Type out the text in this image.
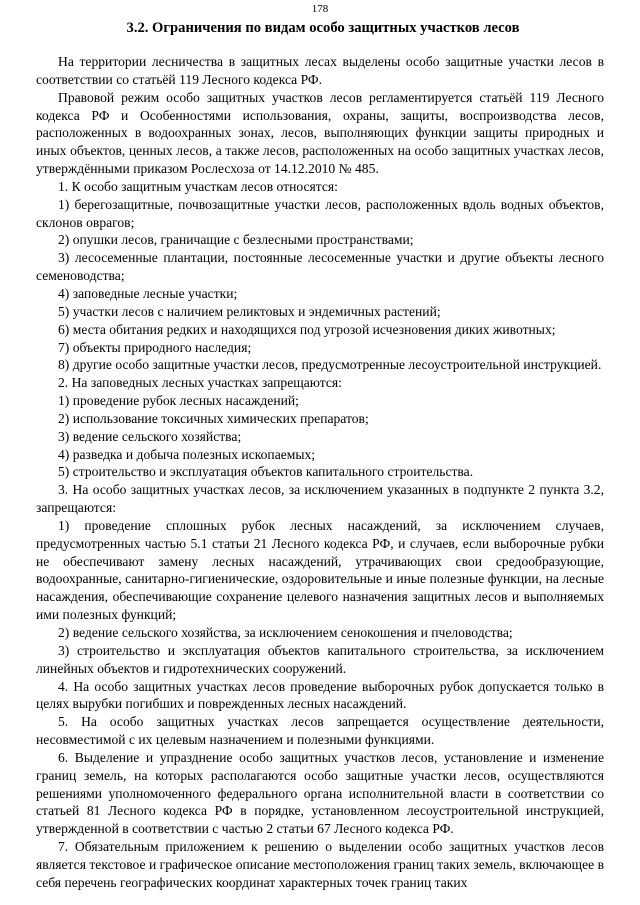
178
3.2. Ограничения по видам особо защитных участков лесов

На территории лесничества в защитных лесах выделены особо защитные участки лесов в соответствии со статьёй 119 Лесного кодекса РФ.

Правовой режим особо защитных участков лесов регламентируется статьёй 119 Лесного кодекса РФ и Особенностями использования, охраны, защиты, воспроизводства лесов, расположенных в водоохранных зонах, лесов, выполняющих функции защиты природных и иных объектов, ценных лесов, а также лесов, расположенных на особо защитных участках лесов, утверждёнными приказом Рослесхоза от 14.12.2010 № 485.

1. К особо защитным участкам лесов относятся:

1) берегозащитные, почвозащитные участки лесов, расположенных вдоль водных объектов, склонов оврагов;

2) опушки лесов, граничащие с безлесными пространствами;

3) лесосеменные плантации, постоянные лесосеменные участки и другие объекты лесного семеноводства;

4) заповедные лесные участки;

5) участки лесов с наличием реликтовых и эндемичных растений;

6) места обитания редких и находящихся под угрозой исчезновения диких животных;

7) объекты природного наследия;

8) другие особо защитные участки лесов, предусмотренные лесоустроительной инструкцией.

2. На заповедных лесных участках запрещаются:

1) проведение рубок лесных насаждений;

2) использование токсичных химических препаратов;

3) ведение сельского хозяйства;

4) разведка и добыча полезных ископаемых;

5) строительство и эксплуатация объектов капитального строительства.

3. На особо защитных участках лесов, за исключением указанных в подпункте 2 пункта 3.2, запрещаются:

1) проведение сплошных рубок лесных насаждений, за исключением случаев, предусмотренных частью 5.1 статьи 21 Лесного кодекса РФ, и случаев, если выборочные рубки не обеспечивают замену лесных насаждений, утрачивающих свои средообразующие, водоохранные, санитарно-гигиенические, оздоровительные и иные полезные функции, на лесные насаждения, обеспечивающие сохранение целевого назначения защитных лесов и выполняемых ими полезных функций;

2) ведение сельского хозяйства, за исключением сенокошения и пчеловодства;

3) строительство и эксплуатация объектов капитального строительства, за исключением линейных объектов и гидротехнических сооружений.

4. На особо защитных участках лесов проведение выборочных рубок допускается только в целях вырубки погибших и поврежденных лесных насаждений.

5. На особо защитных участках лесов запрещается осуществление деятельности, несовместимой с их целевым назначением и полезными функциями.

6. Выделение и упразднение особо защитных участков лесов, установление и изменение границ земель, на которых располагаются особо защитные участки лесов, осуществляются решениями уполномоченного федерального органа исполнительной власти в соответствии со статьей 81 Лесного кодекса РФ в порядке, установленном лесоустроительной инструкцией, утвержденной в соответствии с частью 2 статьи 67 Лесного кодекса РФ.

7. Обязательным приложением к решению о выделении особо защитных участков лесов является текстовое и графическое описание местоположения границ таких земель, включающее в себя перечень географических координат характерных точек границ таких
